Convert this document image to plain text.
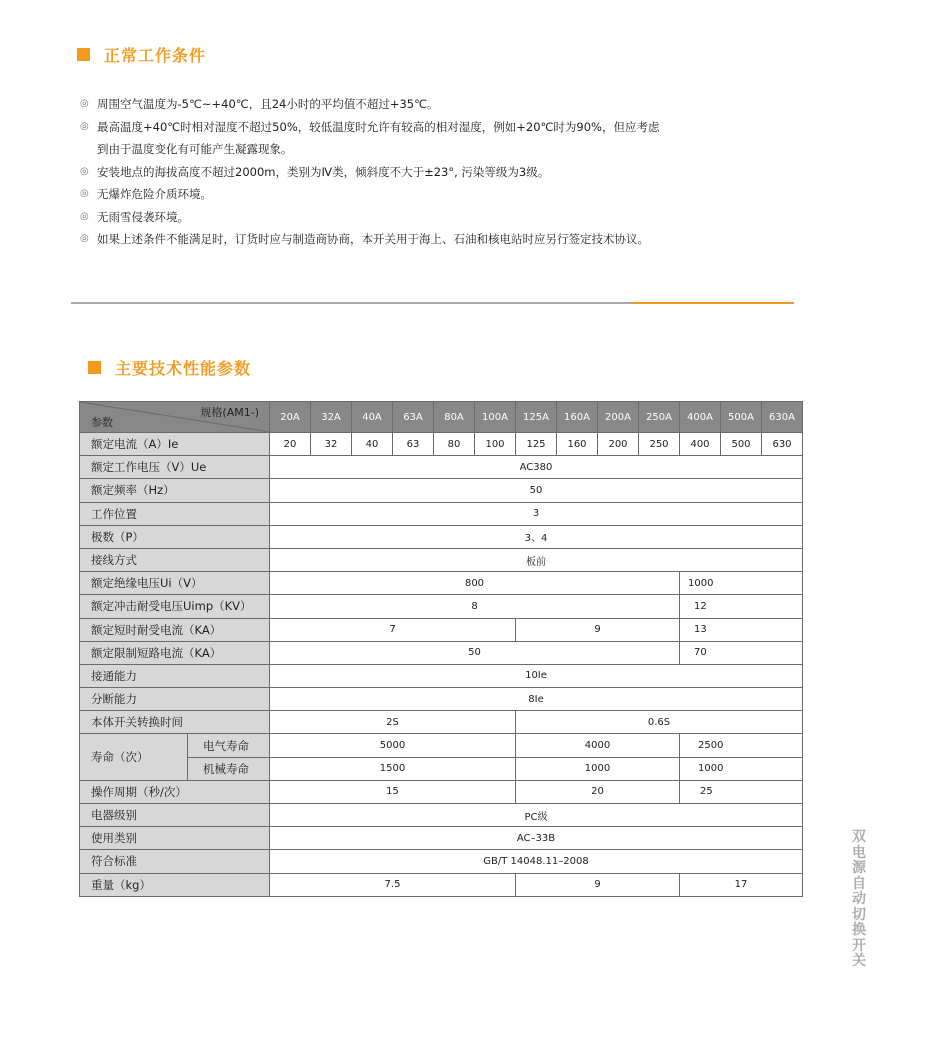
正常工作条件
◎ 周围空气温度为-5℃~+40℃，且24小时的平均值不超过+35℃。
◎ 最高温度+40℃时相对湿度不超过50%，较低温度时允许有较高的相对湿度，例如+20℃时为90%，但应考虑
到由于温度变化有可能产生凝露现象。
◎ 安装地点的海拔高度不超过2000m，类别为Ⅳ类，倾斜度不大于±23°, 污染等级为3级。
◎ 无爆炸危险介质环境。
◎ 无雨雪侵袭环境。
◎ 如果上述条件不能满足时，订货时应与制造商协商，本开关用于海上、石油和核电站时应另行签定技术协议。
主要技术性能参数
规格(AM1-)
参数		20A	32A	40A	63A	80A	100A	125A	160A	200A	250A	400A	500A	630A
额定电流（A）Ie		20	32	40	63	80	100	125	160	200	250	400	500	630
额定工作电压（V）Ue		AC380												
额定频率（Hz）		50												
工作位置		3												
极数（P）		3、4												
接线方式		板前												
额定绝缘电压Ui（V）		800										1000		
额定冲击耐受电压Uimp（KV）		8										12		
额定短时耐受电流（KA）		7						9				13		
额定限制短路电流（KA）		50										70		
接通能力		10Ie												
分断能力		8Ie												
本体开关转换时间		2S						0.6S						
寿命（次）	电气寿命	5000						4000				2500		
	机械寿命	1500						1000				1000		
操作周期（秒/次）		15						20				25		
电器级别		PC级												
使用类别		AC–33B												
符合标准		GB/T 14048.11–2008												
重量（kg）		7.5						9				17		
双
电
源
自
动
切
换
开
关
